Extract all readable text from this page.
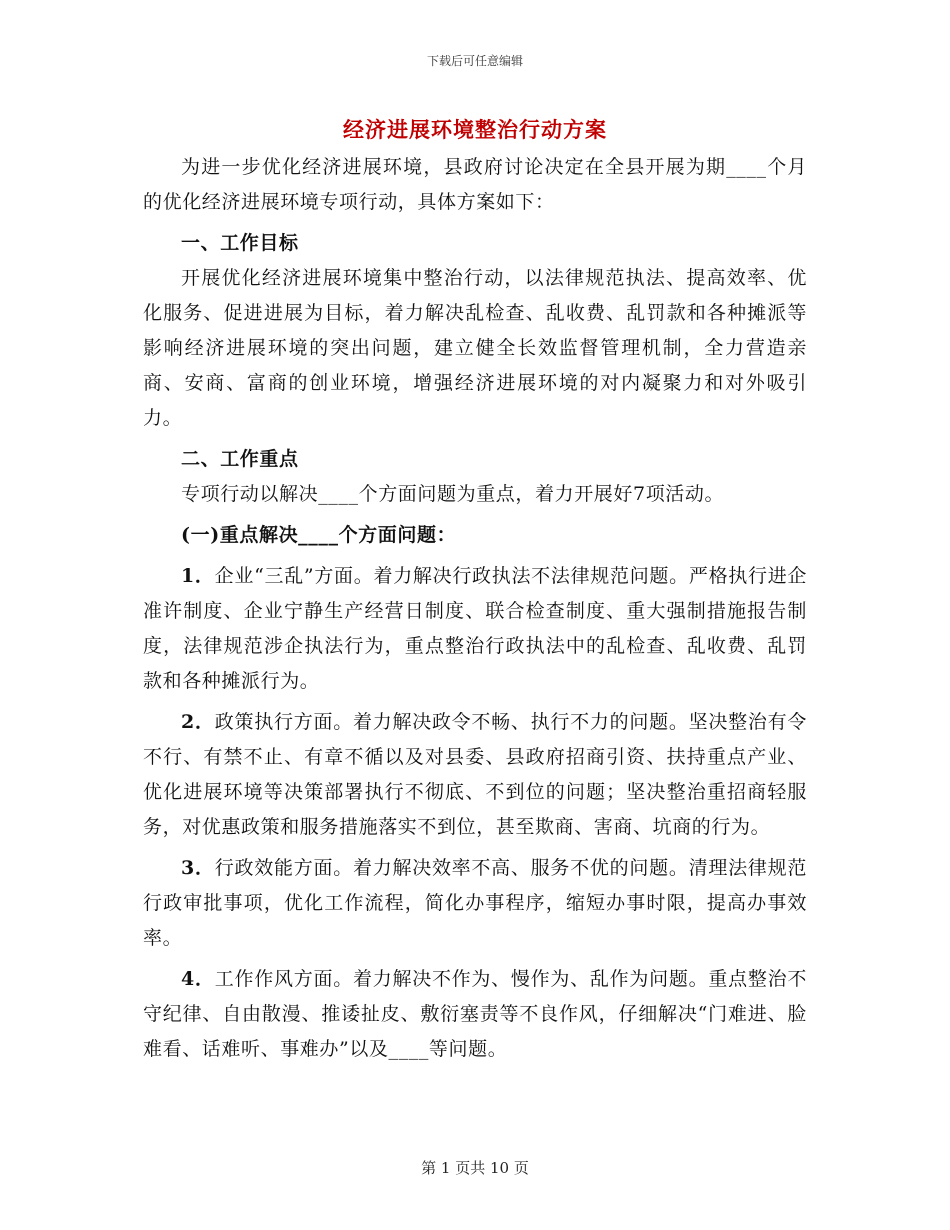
下载后可任意编辑
经济进展环境整治行动方案

为进一步优化经济进展环境，县政府讨论决定在全县开展为期____个月的优化经济进展环境专项行动，具体方案如下：

一、工作目标

开展优化经济进展环境集中整治行动，以法律规范执法、提高效率、优化服务、促进进展为目标，着力解决乱检查、乱收费、乱罚款和各种摊派等影响经济进展环境的突出问题，建立健全长效监督管理机制，全力营造亲商、安商、富商的创业环境，增强经济进展环境的对内凝聚力和对外吸引力。

二、工作重点

专项行动以解决____个方面问题为重点，着力开展好7项活动。

(一)重点解决____个方面问题：

1．企业“三乱”方面。着力解决行政执法不法律规范问题。严格执行进企准许制度、企业宁静生产经营日制度、联合检查制度、重大强制措施报告制度，法律规范涉企执法行为，重点整治行政执法中的乱检查、乱收费、乱罚款和各种摊派行为。

2．政策执行方面。着力解决政令不畅、执行不力的问题。坚决整治有令不行、有禁不止、有章不循以及对县委、县政府招商引资、扶持重点产业、优化进展环境等决策部署执行不彻底、不到位的问题；坚决整治重招商轻服务，对优惠政策和服务措施落实不到位，甚至欺商、害商、坑商的行为。

3．行政效能方面。着力解决效率不高、服务不优的问题。清理法律规范行政审批事项，优化工作流程，简化办事程序，缩短办事时限，提高办事效率。

4．工作作风方面。着力解决不作为、慢作为、乱作为问题。重点整治不守纪律、自由散漫、推诿扯皮、敷衍塞责等不良作风，仔细解决“门难进、脸难看、话难听、事难办”以及____等问题。

第 1 页共 10 页
